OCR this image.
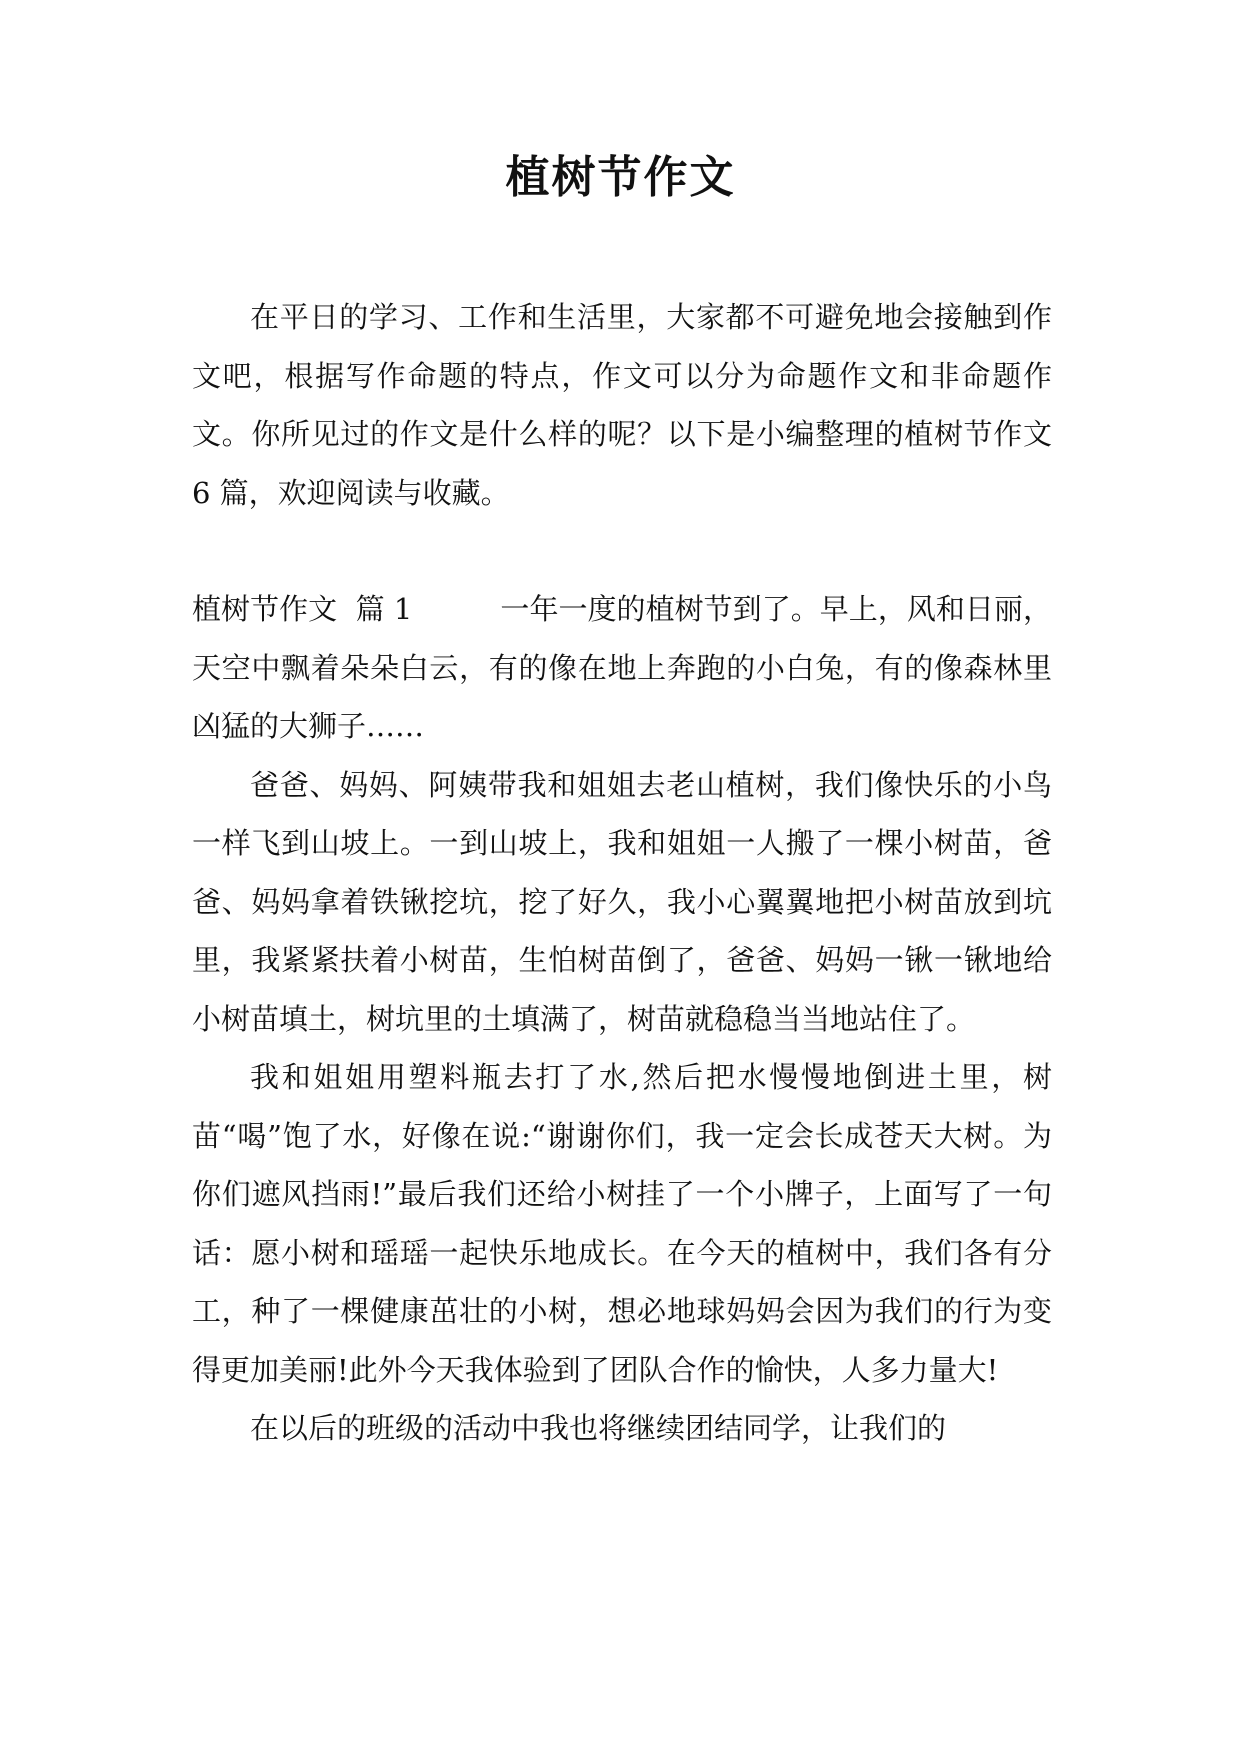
植树节作文

在平日的学习、工作和生活里，大家都不可避免地会接触到作文吧，根据写作命题的特点，作文可以分为命题作文和非命题作文。你所见过的作文是什么样的呢？以下是小编整理的植树节作文 6 篇，欢迎阅读与收藏。

植树节作文  篇 1	一年一度的植树节到了。早上，风和日丽，天空中飘着朵朵白云，有的像在地上奔跑的小白兔，有的像森林里凶猛的大狮子……

爸爸、妈妈、阿姨带我和姐姐去老山植树，我们像快乐的小鸟一样飞到山坡上。一到山坡上，我和姐姐一人搬了一棵小树苗，爸爸、妈妈拿着铁锹挖坑，挖了好久，我小心翼翼地把小树苗放到坑里，我紧紧扶着小树苗，生怕树苗倒了，爸爸、妈妈一锹一锹地给小树苗填土，树坑里的土填满了，树苗就稳稳当当地站住了。

我和姐姐用塑料瓶去打了水,然后把水慢慢地倒进土里，树苗“喝”饱了水，好像在说:“谢谢你们，我一定会长成苍天大树。为你们遮风挡雨!”最后我们还给小树挂了一个小牌子，上面写了一句话：愿小树和瑶瑶一起快乐地成长。在今天的植树中，我们各有分工，种了一棵健康茁壮的小树，想必地球妈妈会因为我们的行为变得更加美丽!此外今天我体验到了团队合作的愉快，人多力量大!

在以后的班级的活动中我也将继续团结同学，让我们的
